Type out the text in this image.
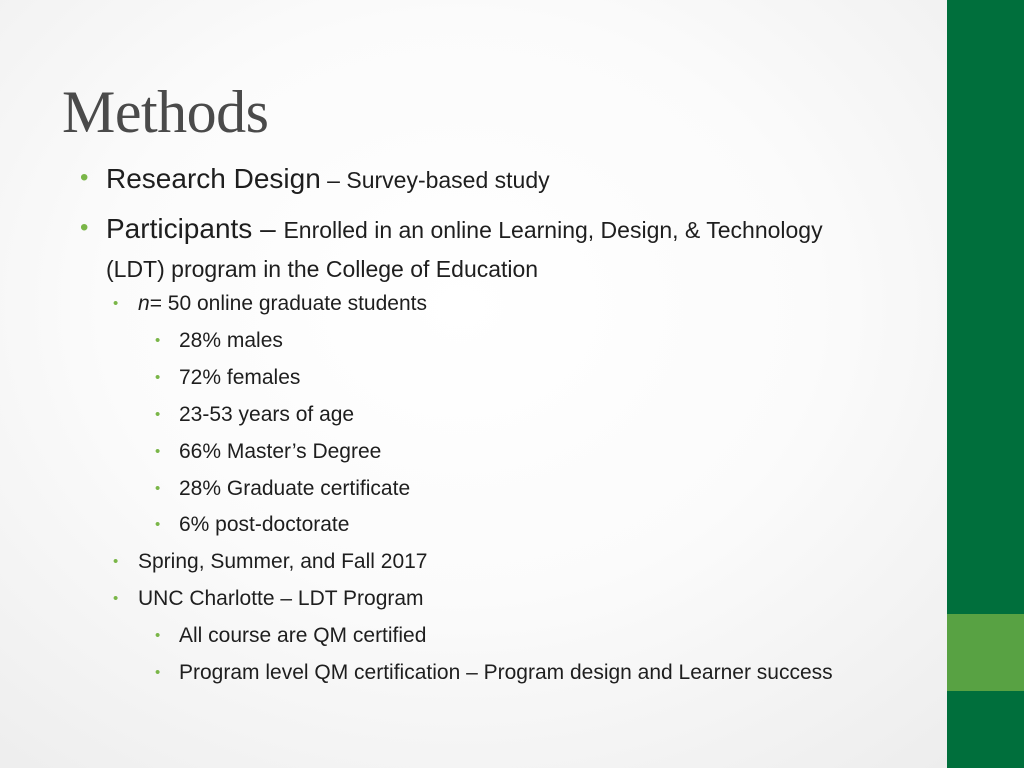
Methods
• Research Design – Survey-based study
• Participants – Enrolled in an online Learning, Design, & Technology
(LDT) program in the College of Education
• n= 50 online graduate students
• 28% males
• 72% females
• 23-53 years of age
• 66% Master’s Degree
• 28% Graduate certificate
• 6% post-doctorate
• Spring, Summer, and Fall 2017
• UNC Charlotte – LDT Program
• All course are QM certified
• Program level QM certification – Program design and Learner success
